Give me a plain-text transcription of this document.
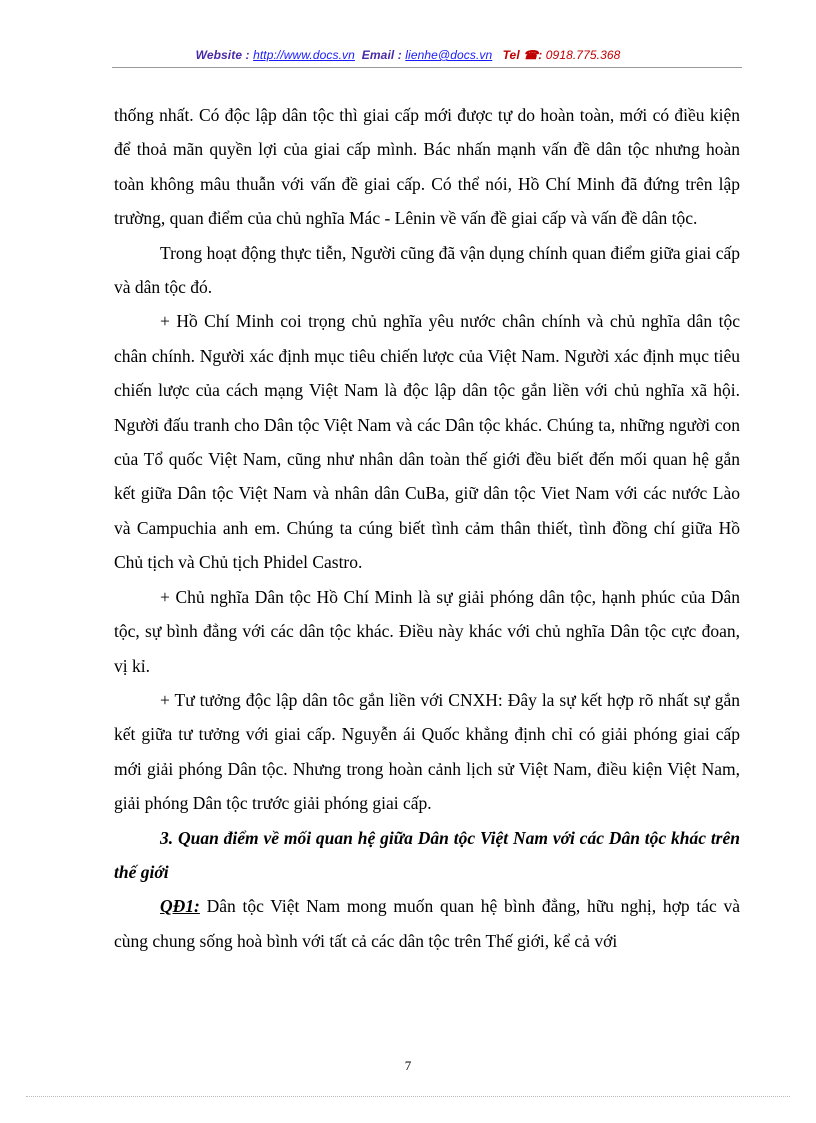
Website : http://www.docs.vn Email : lienhe@docs.vn Tel ☎: 0918.775.368

thống nhất. Có độc lập dân tộc thì giai cấp mới được tự do hoàn toàn, mới có điều kiện để thoả mãn quyền lợi của giai cấp mình. Bác nhấn mạnh vấn đề dân tộc nhưng hoàn toàn không mâu thuẫn với vấn đề giai cấp. Có thể nói, Hồ Chí Minh đã đứng trên lập trường, quan điểm của chủ nghĩa Mác - Lênin về vấn đề giai cấp và vấn đề dân tộc.

Trong hoạt động thực tiễn, Người cũng đã vận dụng chính quan điểm giữa giai cấp và dân tộc đó.

+ Hồ Chí Minh coi trọng chủ nghĩa yêu nước chân chính và chủ nghĩa dân tộc chân chính. Người xác định mục tiêu chiến lược của Việt Nam. Người xác định mục tiêu chiến lược của cách mạng Việt Nam là độc lập dân tộc gắn liền với chủ nghĩa xã hội. Người đấu tranh cho Dân tộc Việt Nam và các Dân tộc khác. Chúng ta, những người con của Tổ quốc Việt Nam, cũng như nhân dân toàn thế giới đều biết đến mối quan hệ gắn kết giữa Dân tộc Việt Nam và nhân dân CuBa, giữ dân tộc Viet Nam với các nước Lào và Campuchia anh em. Chúng ta cúng biết tình cảm thân thiết, tình đồng chí giữa Hồ Chủ tịch và Chủ tịch Phidel Castro.

+ Chủ nghĩa Dân tộc Hồ Chí Minh là sự giải phóng dân tộc, hạnh phúc của Dân tộc, sự bình đẳng với các dân tộc khác. Điều này khác với chủ nghĩa Dân tộc cực đoan, vị kỉ.

+ Tư tưởng độc lập dân tôc gắn liền với CNXH: Đây la sự kết hợp rõ nhất sự gắn kết giữa tư tưởng với giai cấp. Nguyễn ái Quốc khẳng định chỉ có giải phóng giai cấp mới giải phóng Dân tộc. Nhưng trong hoàn cảnh lịch sử Việt Nam, điều kiện Việt Nam, giải phóng Dân tộc trước giải phóng giai cấp.

3. Quan điểm về mối quan hệ giữa Dân tộc Việt Nam với các Dân tộc khác trên thế giới

QĐ1: Dân tộc Việt Nam mong muốn quan hệ bình đẳng, hữu nghị, hợp tác và cùng chung sống hoà bình với tất cả các dân tộc trên Thế giới, kể cả với

7
